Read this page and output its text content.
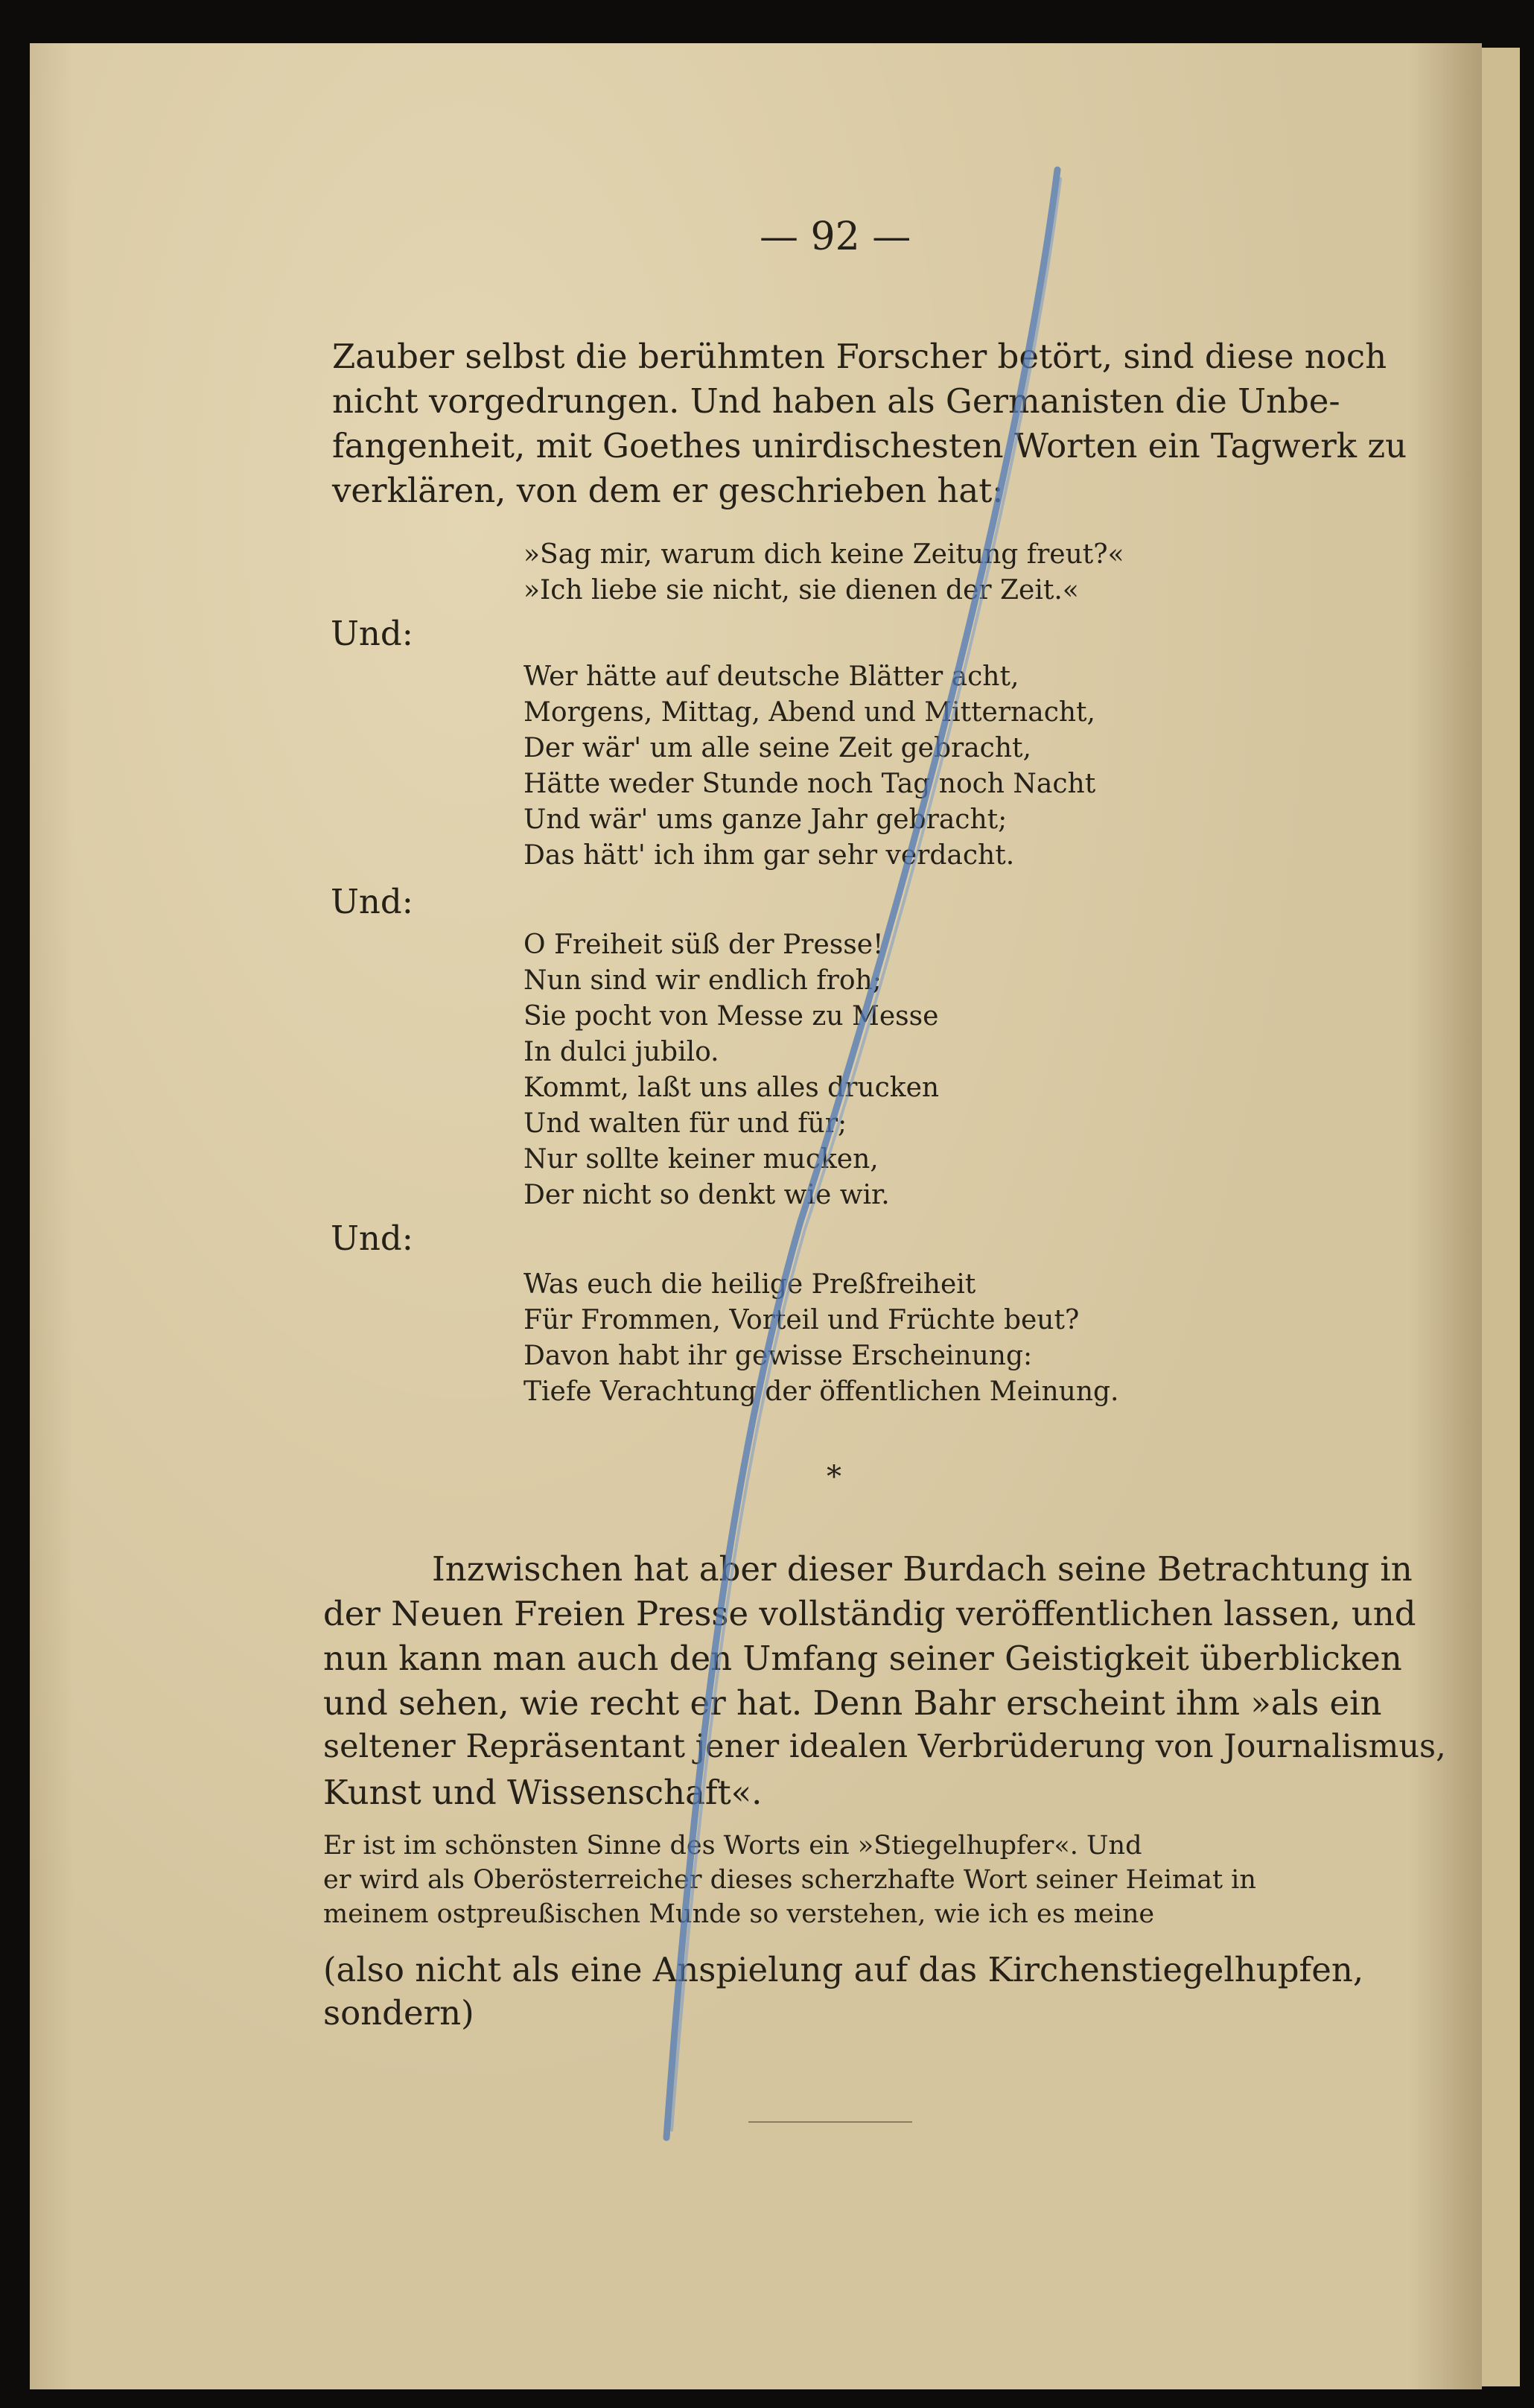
— 92 —
Zauber selbst die berühmten Forscher betört, sind diese noch
nicht vorgedrungen. Und haben als Germanisten die Unbe-
fangenheit, mit Goethes unirdischesten Worten ein Tagwerk zu
verklären, von dem er geschrieben hat:
»Sag mir, warum dich keine Zeitung freut?«
»Ich liebe sie nicht, sie dienen der Zeit.«
Und:
Wer hätte auf deutsche Blätter acht,
Morgens, Mittag, Abend und Mitternacht,
Der wär' um alle seine Zeit gebracht,
Hätte weder Stunde noch Tag noch Nacht
Und wär' ums ganze Jahr gebracht;
Das hätt' ich ihm gar sehr verdacht.
Und:
O Freiheit süß der Presse!
Nun sind wir endlich froh;
Sie pocht von Messe zu Messe
In dulci jubilo.
Kommt, laßt uns alles drucken
Und walten für und für;
Nur sollte keiner mucken,
Der nicht so denkt wie wir.
Und:
Was euch die heilige Preßfreiheit
Für Frommen, Vorteil und Früchte beut?
Davon habt ihr gewisse Erscheinung:
Tiefe Verachtung der öffentlichen Meinung.
*
Inzwischen hat aber dieser Burdach seine Betrachtung in
der Neuen Freien Presse vollständig veröffentlichen lassen, und
nun kann man auch den Umfang seiner Geistigkeit überblicken
und sehen, wie recht er hat. Denn Bahr erscheint ihm »als ein
seltener Repräsentant jener idealen Verbrüderung von Journalismus,
Kunst und Wissenschaft«.
Er ist im schönsten Sinne des Worts ein »Stiegelhupfer«. Und
er wird als Oberösterreicher dieses scherzhafte Wort seiner Heimat in
meinem ostpreußischen Munde so verstehen, wie ich es meine
(also nicht als eine Anspielung auf das Kirchenstiegelhupfen,
sondern)
